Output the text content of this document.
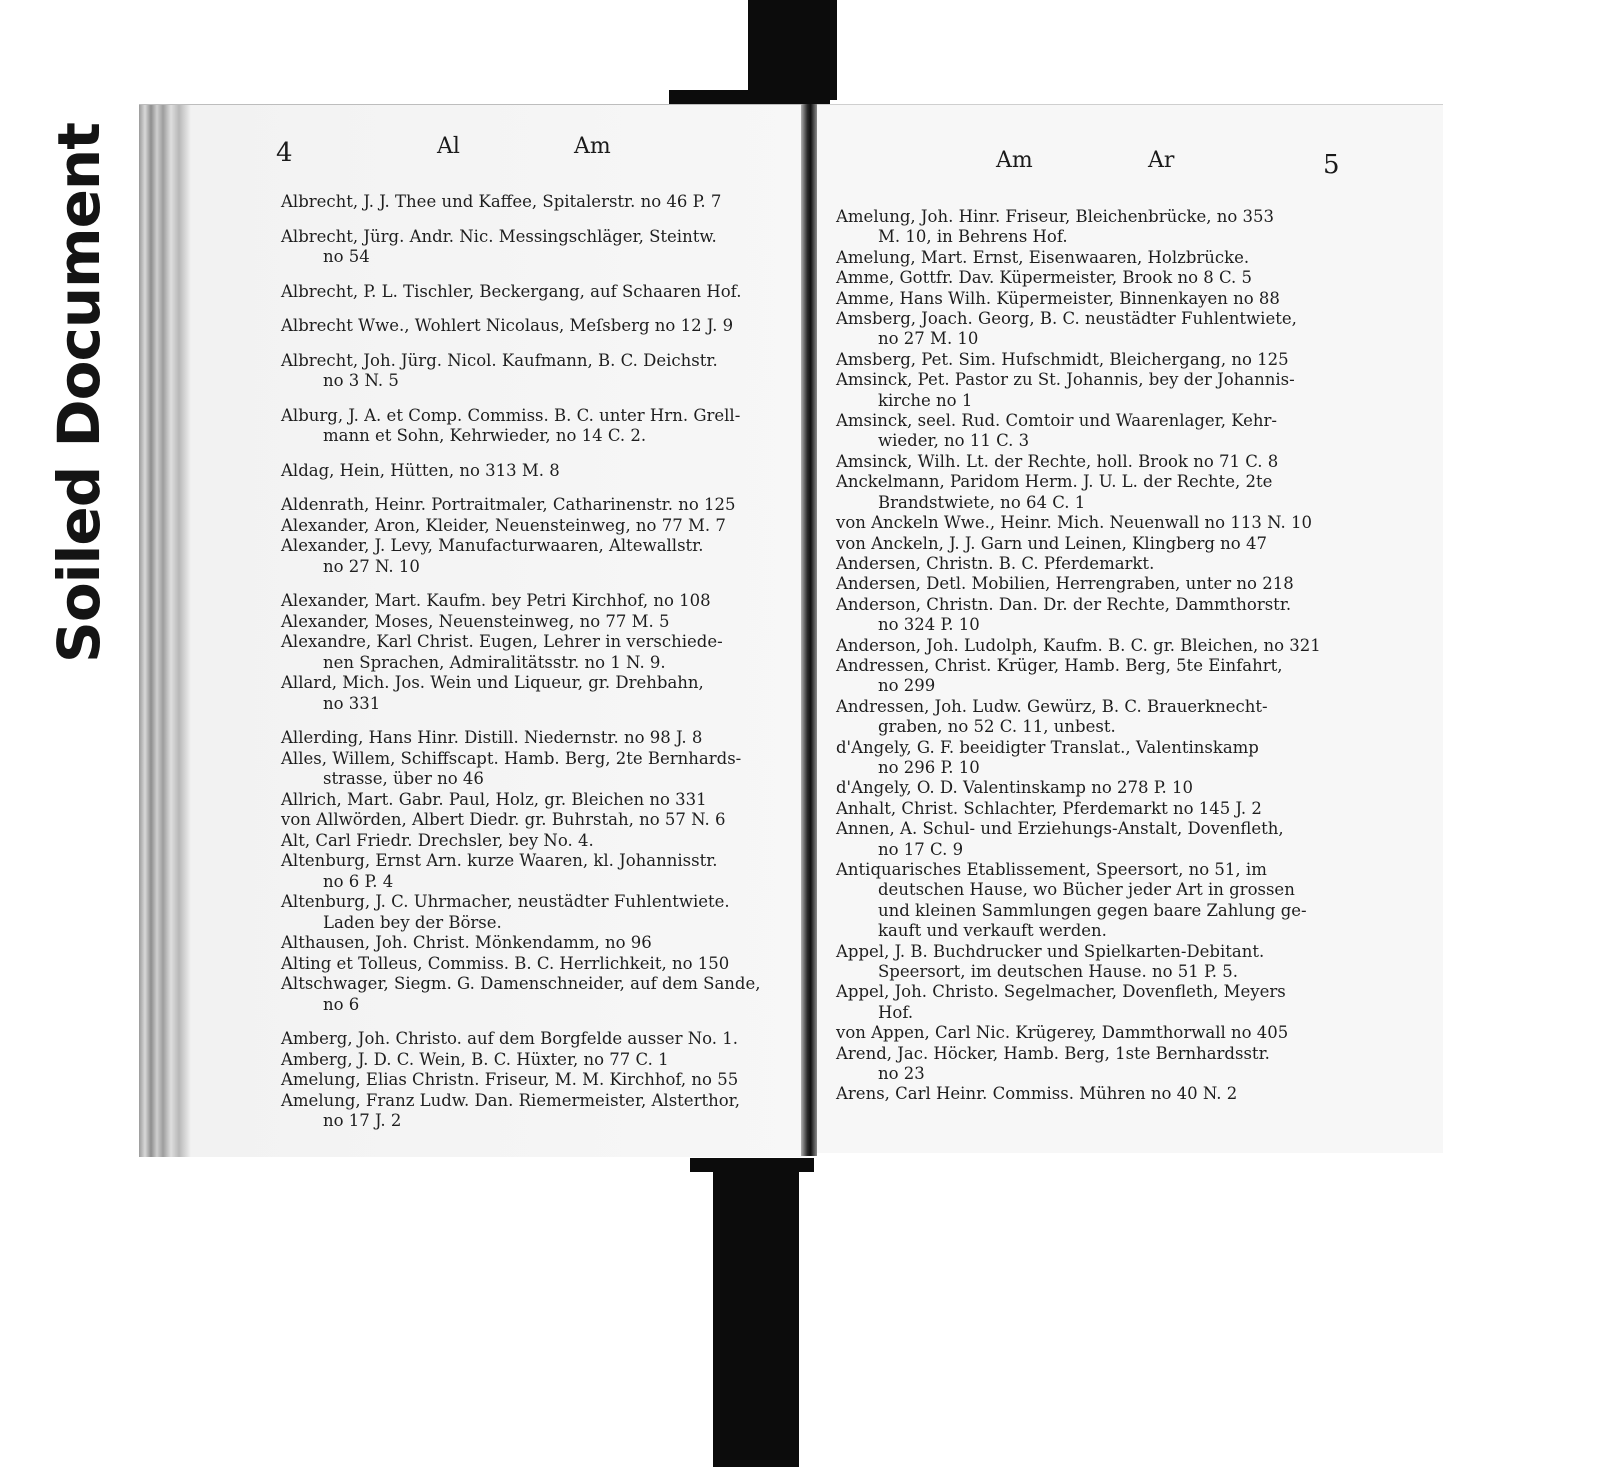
Soiled Document	4	Al	Am
Am	Ar	5
Albrecht, J. J. Thee und Kaffee, Spitalerstr. no 46 P. 7
Albrecht, Jürg. Andr. Nic. Messingschläger, Steintw.
no 54
Albrecht, P. L. Tischler, Beckergang, auf Schaaren Hof.
Albrecht Wwe., Wohlert Nicolaus, Meſsberg no 12 J. 9
Albrecht, Joh. Jürg. Nicol. Kaufmann, B. C. Deichstr.
no 3 N. 5
Alburg, J. A. et Comp. Commiss. B. C. unter Hrn. Grell-
mann et Sohn, Kehrwieder, no 14 C. 2.
Aldag, Hein, Hütten, no 313 M. 8
Aldenrath, Heinr. Portraitmaler, Catharinenstr. no 125
Alexander, Aron, Kleider, Neuensteinweg, no 77 M. 7
Alexander, J. Levy, Manufacturwaaren, Altewallstr.
no 27 N. 10
Alexander, Mart. Kaufm. bey Petri Kirchhof, no 108
Alexander, Moses, Neuensteinweg, no 77 M. 5
Alexandre, Karl Christ. Eugen, Lehrer in verschiede-
nen Sprachen, Admiralitätsstr. no 1 N. 9.
Allard, Mich. Jos. Wein und Liqueur, gr. Drehbahn,
no 331
Allerding, Hans Hinr. Distill. Niedernstr. no 98 J. 8
Alles, Willem, Schiffscapt. Hamb. Berg, 2te Bernhards-
strasse, über no 46
Allrich, Mart. Gabr. Paul, Holz, gr. Bleichen no 331
von Allwörden, Albert Diedr. gr. Buhrstah, no 57 N. 6
Alt, Carl Friedr. Drechsler, bey No. 4.
Altenburg, Ernst Arn. kurze Waaren, kl. Johannisstr.
no 6 P. 4
Altenburg, J. C. Uhrmacher, neustädter Fuhlentwiete.
Laden bey der Börse.
Althausen, Joh. Christ. Mönkendamm, no 96
Alting et Tolleus, Commiss. B. C. Herrlichkeit, no 150
Altschwager, Siegm. G. Damenschneider, auf dem Sande,
no 6
Amberg, Joh. Christo. auf dem Borgfelde ausser No. 1.
Amberg, J. D. C. Wein, B. C. Hüxter, no 77 C. 1
Amelung, Elias Christn. Friseur, M. M. Kirchhof, no 55
Amelung, Franz Ludw. Dan. Riemermeister, Alsterthor,
no 17 J. 2
Amelung, Joh. Hinr. Friseur, Bleichenbrücke, no 353
M. 10, in Behrens Hof.
Amelung, Mart. Ernst, Eisenwaaren, Holzbrücke.
Amme, Gottfr. Dav. Küpermeister, Brook no 8 C. 5
Amme, Hans Wilh. Küpermeister, Binnenkayen no 88
Amsberg, Joach. Georg, B. C. neustädter Fuhlentwiete,
no 27 M. 10
Amsberg, Pet. Sim. Hufschmidt, Bleichergang, no 125
Amsinck, Pet. Pastor zu St. Johannis, bey der Johannis-
kirche no 1
Amsinck, seel. Rud. Comtoir und Waarenlager, Kehr-
wieder, no 11 C. 3
Amsinck, Wilh. Lt. der Rechte, holl. Brook no 71 C. 8
Anckelmann, Paridom Herm. J. U. L. der Rechte, 2te
Brandstwiete, no 64 C. 1
von Anckeln Wwe., Heinr. Mich. Neuenwall no 113 N. 10
von Anckeln, J. J. Garn und Leinen, Klingberg no 47
Andersen, Christn. B. C. Pferdemarkt.
Andersen, Detl. Mobilien, Herrengraben, unter no 218
Anderson, Christn. Dan. Dr. der Rechte, Dammthorstr.
no 324 P. 10
Anderson, Joh. Ludolph, Kaufm. B. C. gr. Bleichen, no 321
Andressen, Christ. Krüger, Hamb. Berg, 5te Einfahrt,
no 299
Andressen, Joh. Ludw. Gewürz, B. C. Brauerknecht-
graben, no 52 C. 11, unbest.
d'Angely, G. F. beeidigter Translat., Valentinskamp
no 296 P. 10
d'Angely, O. D. Valentinskamp no 278 P. 10
Anhalt, Christ. Schlachter, Pferdemarkt no 145 J. 2
Annen, A. Schul- und Erziehungs-Anstalt, Dovenfleth,
no 17 C. 9
Antiquarisches Etablissement, Speersort, no 51, im
deutschen Hause, wo Bücher jeder Art in grossen
und kleinen Sammlungen gegen baare Zahlung ge-
kauft und verkauft werden.
Appel, J. B. Buchdrucker und Spielkarten-Debitant.
Speersort, im deutschen Hause. no 51 P. 5.
Appel, Joh. Christo. Segelmacher, Dovenfleth, Meyers
Hof.
von Appen, Carl Nic. Krügerey, Dammthorwall no 405
Arend, Jac. Höcker, Hamb. Berg, 1ste Bernhardsstr.
no 23
Arens, Carl Heinr. Commiss. Mühren no 40 N. 2
